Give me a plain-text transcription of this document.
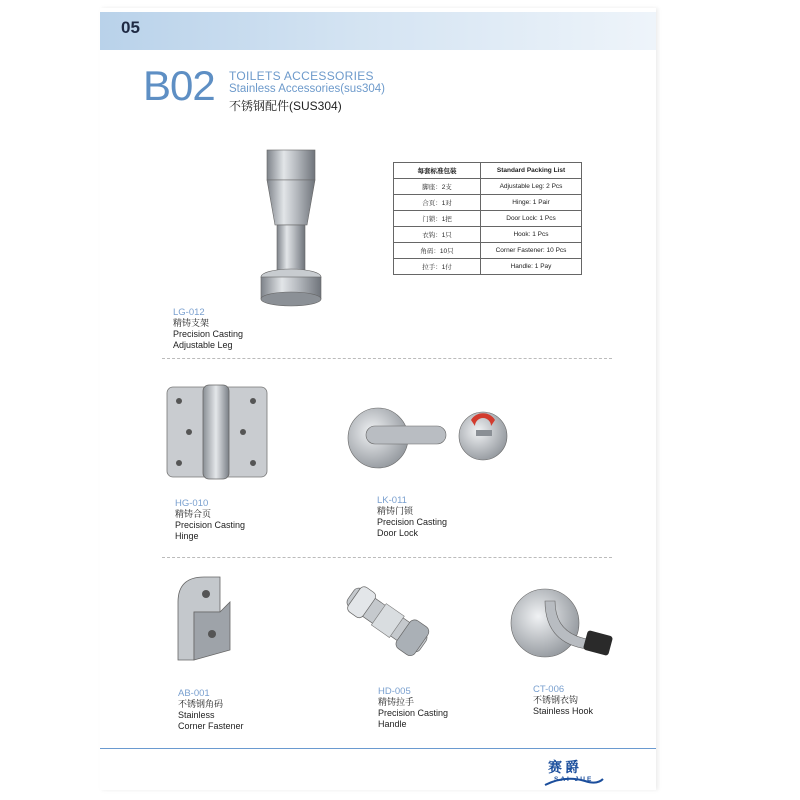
05
B02 TOILETS ACCESSORIES
Stainless Accessories(sus304)
不锈钢配件(SUS304)
每套标准包装	Standard Packing List
脚座：2支	Adjustable Leg: 2 Pcs
合页：1对	Hinge: 1 Pair
门锁：1把	Door Lock: 1 Pcs
衣钩：1只	Hook: 1 Pcs
角码：10只	Corner Fastener: 10 Pcs
拉手：1付	Handle: 1 Pay
LG-012
精铸支架
Precision Casting
Adjustable Leg
HG-010
精铸合页
Precision Casting
Hinge
LK-011
精铸门锁
Precision Casting
Door Lock
AB-001
不锈钢角码
Stainless
Corner Fastener
HD-005
精铸拉手
Precision Casting
Handle
CT-006
不锈钢衣钩
Stainless Hook
赛爵
SAI JUE
